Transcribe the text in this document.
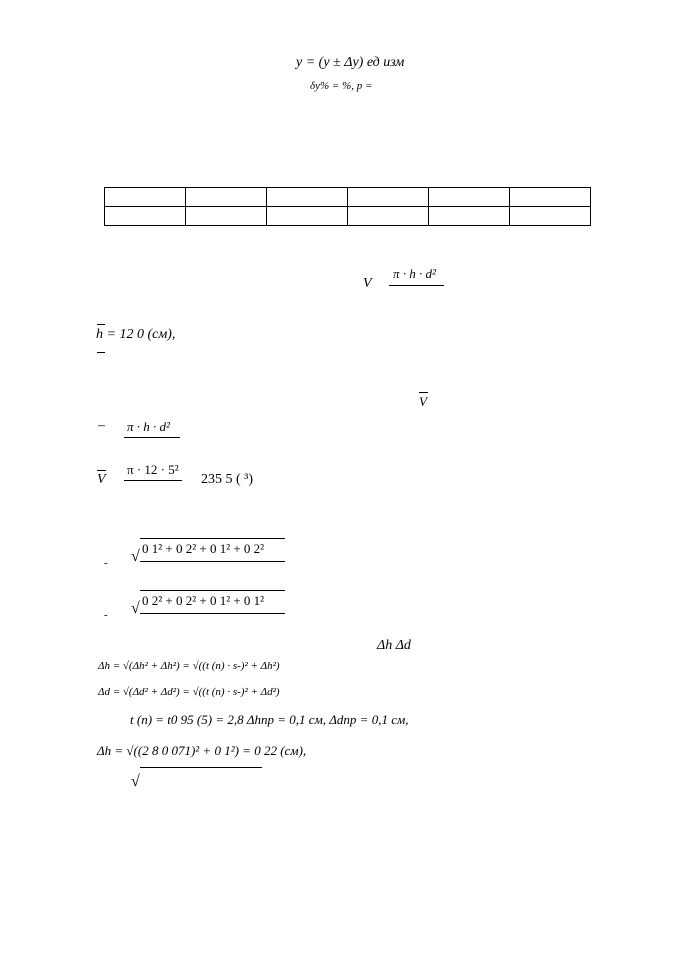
y = (y ± Δy) ед изм
δy% = %, p =

V
π · h · d²
h = 12 0 (см),
V
– π · h · d²
V
π · 12 · 5²
235 5 ( ³)
- √ 0 1² + 0 2² + 0 1² + 0 2²
- √ 0 2² + 0 2² + 0 1² + 0 1²
Δh Δd
Δh = √(Δh² + Δh²) = √((t (n) · s-)² + Δh²)
Δd = √(Δd² + Δd²) = √((t (n) · s-)² + Δd²)
t (n) = t0 95 (5) = 2,8 Δhпр = 0,1 см, Δdпр = 0,1 см,
Δh = √((2 8 0 071)² + 0 1²) = 0 22 (см),
√
